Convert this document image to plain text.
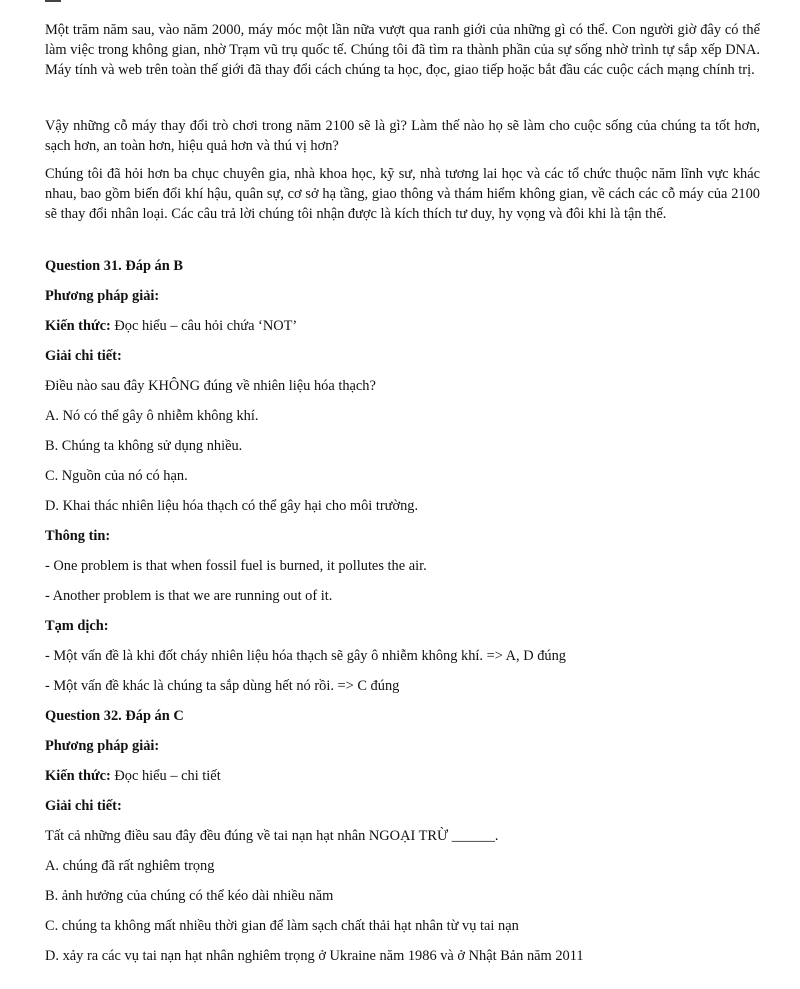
Một trăm năm sau, vào năm 2000, máy móc một lần nữa vượt qua ranh giới của những gì có thể. Con người giờ đây có thể làm việc trong không gian, nhờ Trạm vũ trụ quốc tế. Chúng tôi đã tìm ra thành phần của sự sống nhờ trình tự sắp xếp DNA. Máy tính và web trên toàn thế giới đã thay đổi cách chúng ta học, đọc, giao tiếp hoặc bắt đầu các cuộc cách mạng chính trị.

Vậy những cỗ máy thay đổi trò chơi trong năm 2100 sẽ là gì? Làm thế nào họ sẽ làm cho cuộc sống của chúng ta tốt hơn, sạch hơn, an toàn hơn, hiệu quả hơn và thú vị hơn?

Chúng tôi đã hỏi hơn ba chục chuyên gia, nhà khoa học, kỹ sư, nhà tương lai học và các tổ chức thuộc năm lĩnh vực khác nhau, bao gồm biến đổi khí hậu, quân sự, cơ sở hạ tầng, giao thông và thám hiểm không gian, về cách các cỗ máy của 2100 sẽ thay đổi nhân loại. Các câu trả lời chúng tôi nhận được là kích thích tư duy, hy vọng và đôi khi là tận thế.

Question 31. Đáp án B

Phương pháp giải:

Kiến thức: Đọc hiểu – câu hỏi chứa ‘NOT’

Giải chi tiết:

Điều nào sau đây KHÔNG đúng về nhiên liệu hóa thạch?

A. Nó có thể gây ô nhiễm không khí.

B. Chúng ta không sử dụng nhiều.

C. Nguồn của nó có hạn.

D. Khai thác nhiên liệu hóa thạch có thể gây hại cho môi trường.

Thông tin:

- One problem is that when fossil fuel is burned, it pollutes the air.

- Another problem is that we are running out of it.

Tạm dịch:

- Một vấn đề là khi đốt cháy nhiên liệu hóa thạch sẽ gây ô nhiễm không khí. => A, D đúng

- Một vấn đề khác là chúng ta sắp dùng hết nó rồi. => C đúng

Question 32. Đáp án C

Phương pháp giải:

Kiến thức: Đọc hiểu – chi tiết

Giải chi tiết:

Tất cả những điều sau đây đều đúng về tai nạn hạt nhân NGOẠI TRỪ ______.

A. chúng đã rất nghiêm trọng

B. ảnh hưởng của chúng có thể kéo dài nhiều năm

C. chúng ta không mất nhiều thời gian để làm sạch chất thải hạt nhân từ vụ tai nạn

D. xảy ra các vụ tai nạn hạt nhân nghiêm trọng ở Ukraine năm 1986 và ở Nhật Bản năm 2011
